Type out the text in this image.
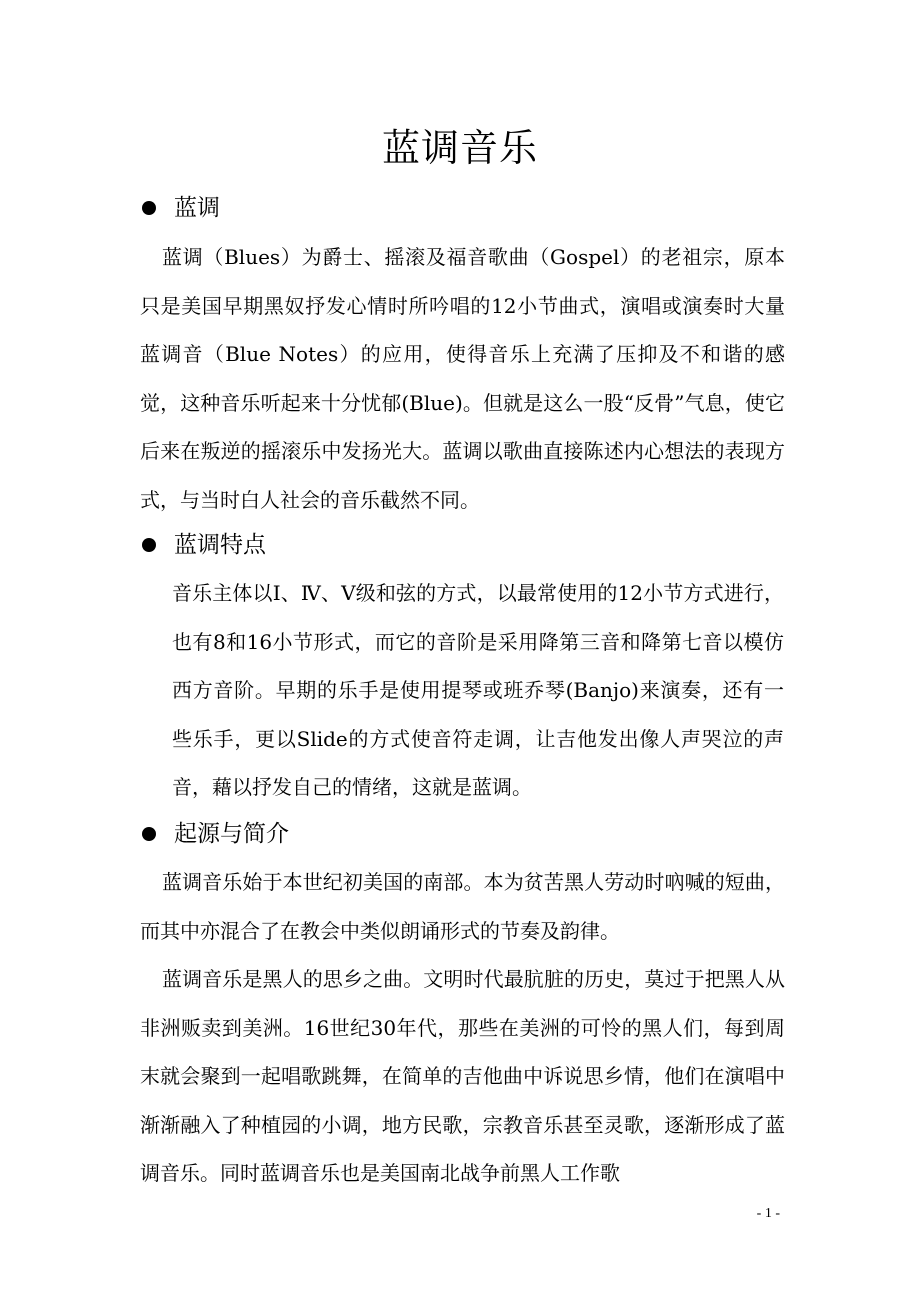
蓝调音乐
蓝调

蓝调（Blues）为爵士、摇滚及福音歌曲（Gospel）的老祖宗，原本只是美国早期黑奴抒发心情时所吟唱的12小节曲式，演唱或演奏时大量蓝调音（Blue Notes）的应用，使得音乐上充满了压抑及不和谐的感觉，这种音乐听起来十分忧郁(Blue)。但就是这么一股“反骨”气息，使它后来在叛逆的摇滚乐中发扬光大。蓝调以歌曲直接陈述内心想法的表现方式，与当时白人社会的音乐截然不同。

蓝调特点

音乐主体以Ⅰ、Ⅳ、Ⅴ级和弦的方式，以最常使用的12小节方式进行，也有8和16小节形式，而它的音阶是采用降第三音和降第七音以模仿西方音阶。早期的乐手是使用提琴或班乔琴(Banjo)来演奏，还有一些乐手，更以Slide的方式使音符走调，让吉他发出像人声哭泣的声音，藉以抒发自己的情绪，这就是蓝调。

起源与简介

蓝调音乐始于本世纪初美国的南部。本为贫苦黑人劳动时吶喊的短曲，而其中亦混合了在教会中类似朗诵形式的节奏及韵律。

蓝调音乐是黑人的思乡之曲。文明时代最肮脏的历史，莫过于把黑人从非洲贩卖到美洲。16世纪30年代，那些在美洲的可怜的黑人们，每到周末就会聚到一起唱歌跳舞，在简单的吉他曲中诉说思乡情，他们在演唱中渐渐融入了种植园的小调，地方民歌，宗教音乐甚至灵歌，逐渐形成了蓝调音乐。同时蓝调音乐也是美国南北战争前黑人工作歌

- 1 -
